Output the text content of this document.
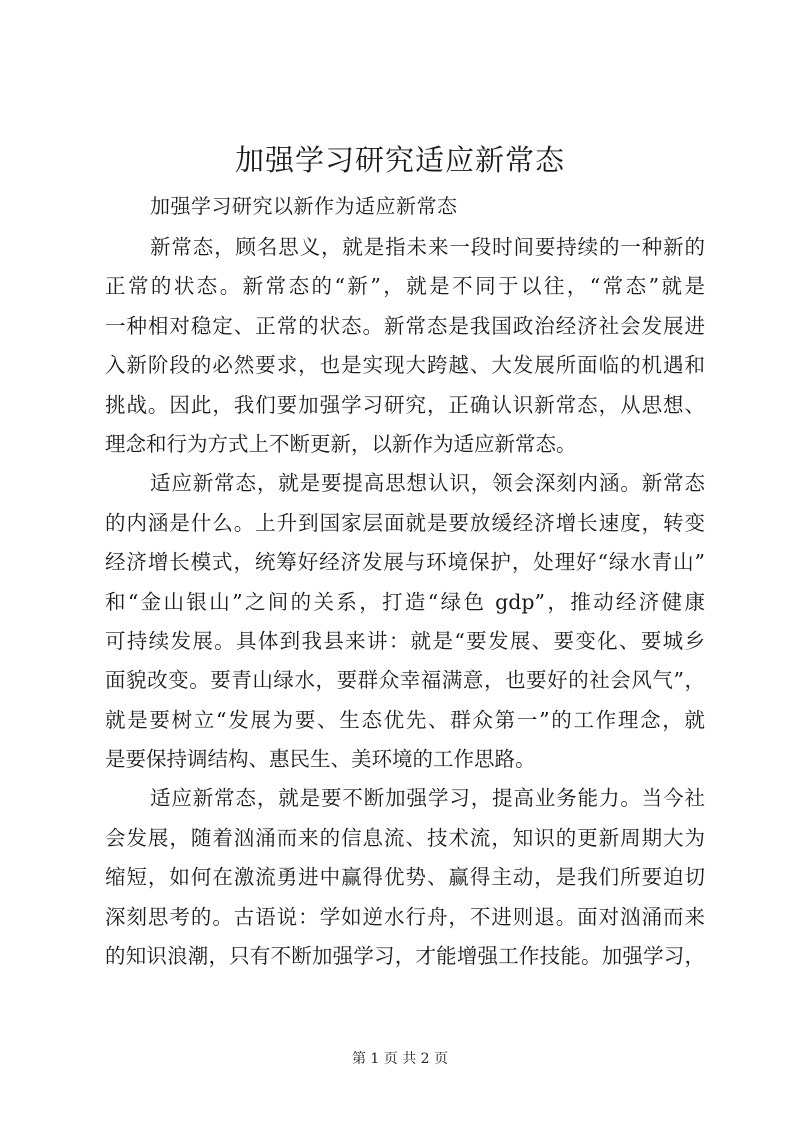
加强学习研究适应新常态
加强学习研究以新作为适应新常态

新常态，顾名思义，就是指未来一段时间要持续的一种新的
正常的状态。新常态的“新”，就是不同于以往，“常态”就是
一种相对稳定、正常的状态。新常态是我国政治经济社会发展进
入新阶段的必然要求，也是实现大跨越、大发展所面临的机遇和
挑战。因此，我们要加强学习研究，正确认识新常态，从思想、
理念和行为方式上不断更新，以新作为适应新常态。

适应新常态，就是要提高思想认识，领会深刻内涵。新常态
的内涵是什么。上升到国家层面就是要放缓经济增长速度，转变
经济增长模式，统筹好经济发展与环境保护，处理好“绿水青山”
和“金山银山”之间的关系，打造“绿色 gdp”，推动经济健康
可持续发展。具体到我县来讲：就是“要发展、要变化、要城乡
面貌改变。要青山绿水，要群众幸福满意，也要好的社会风气”，
就是要树立“发展为要、生态优先、群众第一”的工作理念，就
是要保持调结构、惠民生、美环境的工作思路。

适应新常态，就是要不断加强学习，提高业务能力。当今社
会发展，随着汹涌而来的信息流、技术流，知识的更新周期大为
缩短，如何在激流勇进中赢得优势、赢得主动，是我们所要迫切
深刻思考的。古语说：学如逆水行舟，不进则退。面对汹涌而来
的知识浪潮，只有不断加强学习，才能增强工作技能。加强学习，

第 1 页 共 2 页
